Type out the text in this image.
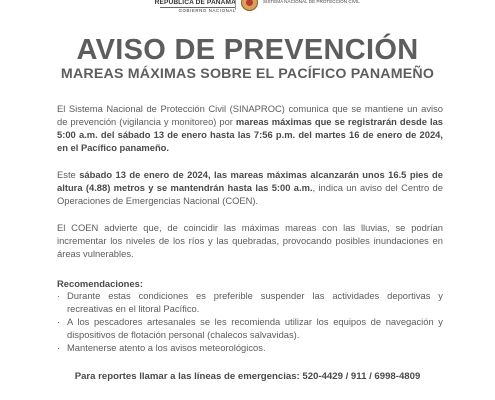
REPÚBLICA DE PANAMÁ
GOBIERNO NACIONAL
SISTEMA NACIONAL DE PROTECCIÓN CIVIL
AVISO DE PREVENCIÓN
MAREAS MÁXIMAS SOBRE EL PACÍFICO PANAMEÑO

El Sistema Nacional de Protección Civil (SINAPROC) comunica que se mantiene un aviso de prevención (vigilancia y monitoreo) por mareas máximas que se registrarán desde las 5:00 a.m. del sábado 13 de enero hasta las 7:56 p.m. del martes 16 de enero de 2024, en el Pacífico panameño.

Este sábado 13 de enero de 2024, las mareas máximas alcanzarán unos 16.5 pies de altura (4.88) metros y se mantendrán hasta las 5:00 a.m., indica un aviso del Centro de Operaciones de Emergencias Nacional (COEN).

El COEN advierte que, de coincidir las máximas mareas con las lluvias, se podrían incrementar los niveles de los ríos y las quebradas, provocando posibles inundaciones en áreas vulnerables.

Recomendaciones:
· Durante estas condiciones es preferible suspender las actividades deportivas y recreativas en el litoral Pacífico.
· A los pescadores artesanales se les recomienda utilizar los equipos de navegación y dispositivos de flotación personal (chalecos salvavidas).
· Mantenerse atento a los avisos meteorológicos.
Para reportes llamar a las líneas de emergencias: 520-4429 / 911 / 6998-4809
